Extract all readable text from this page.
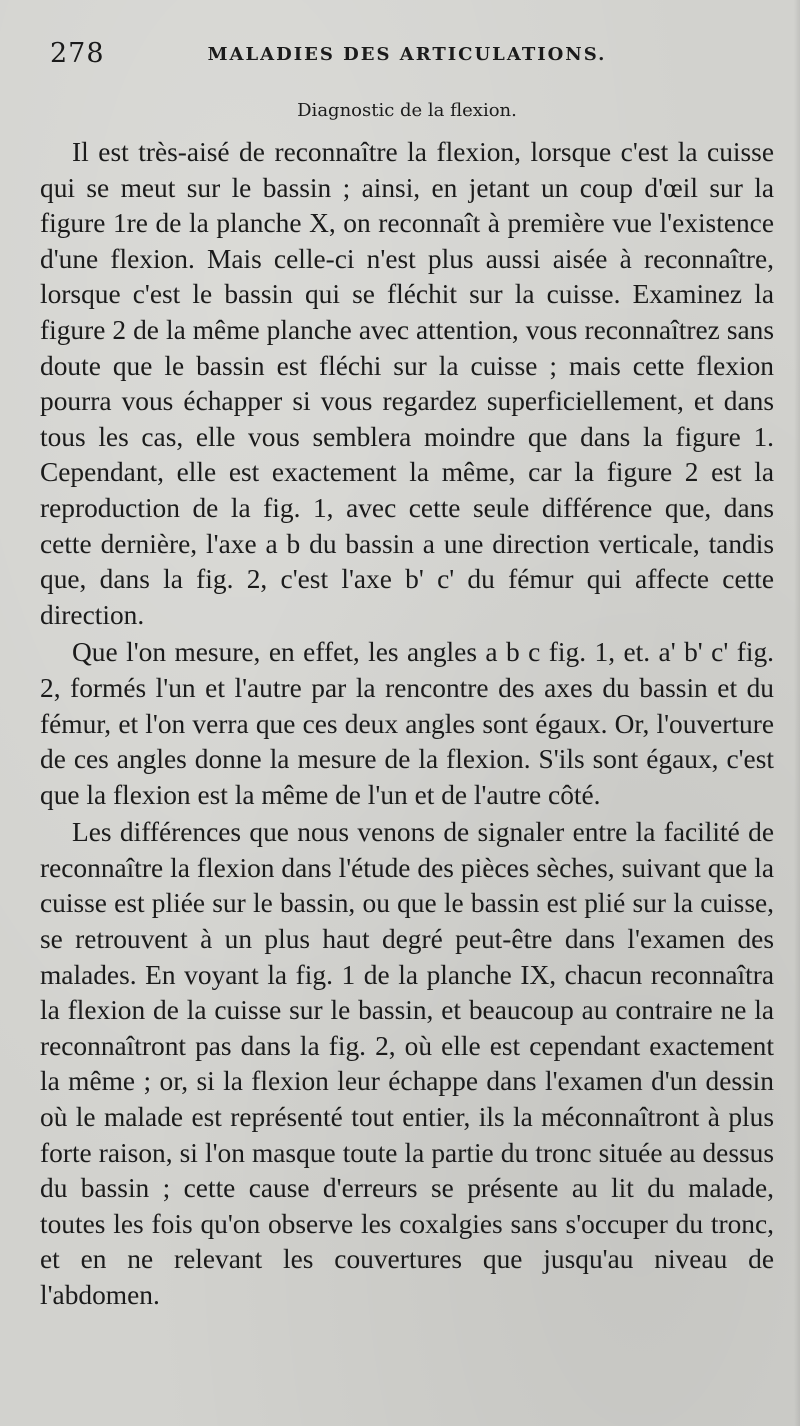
278	MALADIES DES ARTICULATIONS.
Diagnostic de la flexion.

Il est très-aisé de reconnaître la flexion, lorsque c'est la cuisse qui se meut sur le bassin ; ainsi, en jetant un coup d'œil sur la figure 1re de la planche X, on reconnaît à première vue l'existence d'une flexion. Mais celle-ci n'est plus aussi aisée à reconnaître, lorsque c'est le bassin qui se fléchit sur la cuisse. Examinez la figure 2 de la même planche avec attention, vous reconnaîtrez sans doute que le bassin est fléchi sur la cuisse ; mais cette flexion pourra vous échapper si vous regardez superficiellement, et dans tous les cas, elle vous semblera moindre que dans la figure 1. Cependant, elle est exactement la même, car la figure 2 est la reproduction de la fig. 1, avec cette seule différence que, dans cette dernière, l'axe a b du bassin a une direction verticale, tandis que, dans la fig. 2, c'est l'axe b' c' du fémur qui affecte cette direction.

Que l'on mesure, en effet, les angles a b c fig. 1, et. a' b' c' fig. 2, formés l'un et l'autre par la rencontre des axes du bassin et du fémur, et l'on verra que ces deux angles sont égaux. Or, l'ouverture de ces angles donne la mesure de la flexion. S'ils sont égaux, c'est que la flexion est la même de l'un et de l'autre côté.

Les différences que nous venons de signaler entre la facilité de reconnaître la flexion dans l'étude des pièces sèches, suivant que la cuisse est pliée sur le bassin, ou que le bassin est plié sur la cuisse, se retrouvent à un plus haut degré peut-être dans l'examen des malades. En voyant la fig. 1 de la planche IX, chacun reconnaîtra la flexion de la cuisse sur le bassin, et beaucoup au contraire ne la reconnaîtront pas dans la fig. 2, où elle est cependant exactement la même ; or, si la flexion leur échappe dans l'examen d'un dessin où le malade est représenté tout entier, ils la méconnaîtront à plus forte raison, si l'on masque toute la partie du tronc située au dessus du bassin ; cette cause d'erreurs se présente au lit du malade, toutes les fois qu'on observe les coxalgies sans s'occuper du tronc, et en ne relevant les couvertures que jusqu'au niveau de l'abdomen.
